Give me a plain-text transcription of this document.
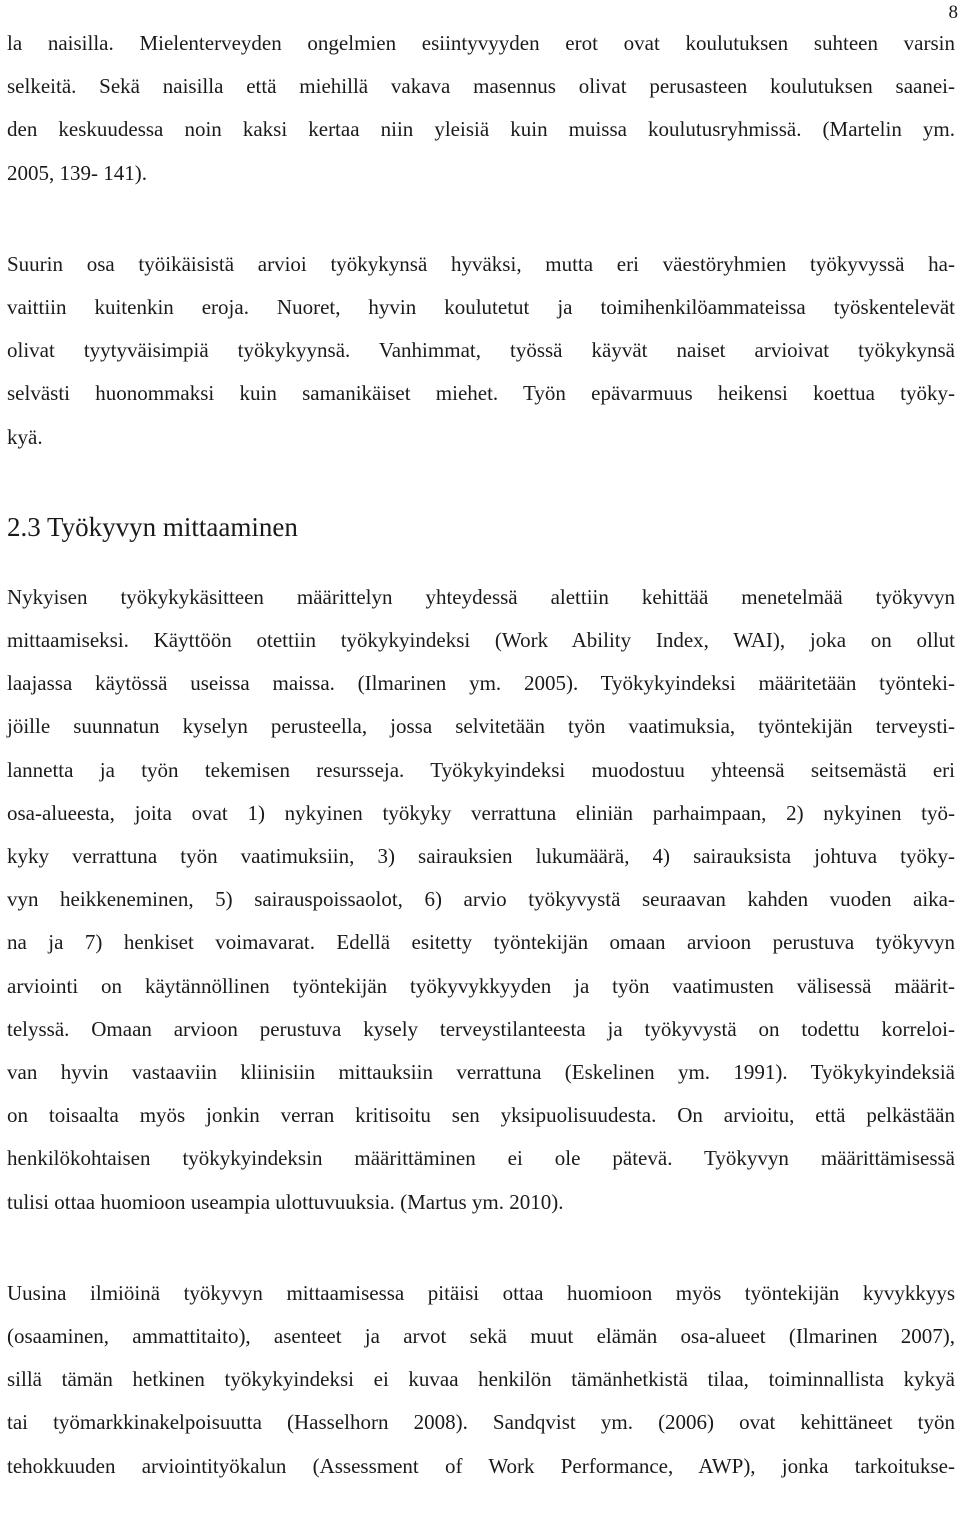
8

la naisilla. Mielenterveyden ongelmien esiintyvyyden erot ovat koulutuksen suhteen varsin
selkeitä. Sekä naisilla että miehillä vakava masennus olivat perusasteen koulutuksen saanei-
den keskuudessa noin kaksi kertaa niin yleisiä kuin muissa koulutusryhmissä. (Martelin ym.
2005, 139- 141).

Suurin osa työikäisistä arvioi työkykynsä hyväksi, mutta eri väestöryhmien työkyvyssä ha-
vaittiin kuitenkin eroja. Nuoret, hyvin koulutetut ja toimihenkilöammateissa työskentelevät
olivat tyytyväisimpiä työkykyynsä. Vanhimmat, työssä käyvät naiset arvioivat työkykynsä
selvästi huonommaksi kuin samanikäiset miehet. Työn epävarmuus heikensi koettua työky-
kyä.

2.3 Työkyvyn mittaaminen

Nykyisen työkykykäsitteen määrittelyn yhteydessä alettiin kehittää menetelmää työkyvyn
mittaamiseksi. Käyttöön otettiin työkykyindeksi (Work Ability Index, WAI), joka on ollut
laajassa käytössä useissa maissa. (Ilmarinen ym. 2005). Työkykyindeksi määritetään työnteki-
jöille suunnatun kyselyn perusteella, jossa selvitetään työn vaatimuksia, työntekijän terveysti-
lannetta ja työn tekemisen resursseja. Työkykyindeksi muodostuu yhteensä seitsemästä eri
osa-alueesta, joita ovat 1) nykyinen työkyky verrattuna eliniän parhaimpaan, 2) nykyinen työ-
kyky verrattuna työn vaatimuksiin, 3) sairauksien lukumäärä, 4) sairauksista johtuva työky-
vyn heikkeneminen, 5) sairauspoissaolot, 6) arvio työkyvystä seuraavan kahden vuoden aika-
na ja 7) henkiset voimavarat. Edellä esitetty työntekijän omaan arvioon perustuva työkyvyn
arviointi on käytännöllinen työntekijän työkyvykkyyden ja työn vaatimusten välisessä määrit-
telyssä. Omaan arvioon perustuva kysely terveystilanteesta ja työkyvystä on todettu korreloi-
van hyvin vastaaviin kliinisiin mittauksiin verrattuna (Eskelinen ym. 1991). Työkykyindeksiä
on toisaalta myös jonkin verran kritisoitu sen yksipuolisuudesta. On arvioitu, että pelkästään
henkilökohtaisen työkykyindeksin määrittäminen ei ole pätevä. Työkyvyn määrittämisessä
tulisi ottaa huomioon useampia ulottuvuuksia. (Martus ym. 2010).

Uusina ilmiöinä työkyvyn mittaamisessa pitäisi ottaa huomioon myös työntekijän kyvykkyys
(osaaminen, ammattitaito), asenteet ja arvot sekä muut elämän osa-alueet (Ilmarinen 2007),
sillä tämän hetkinen työkykyindeksi ei kuvaa henkilön tämänhetkistä tilaa, toiminnallista kykyä
tai työmarkkinakelpoisuutta (Hasselhorn 2008). Sandqvist ym. (2006) ovat kehittäneet työn
tehokkuuden arviointityökalun (Assessment of Work Performance, AWP), jonka tarkoitukse-
